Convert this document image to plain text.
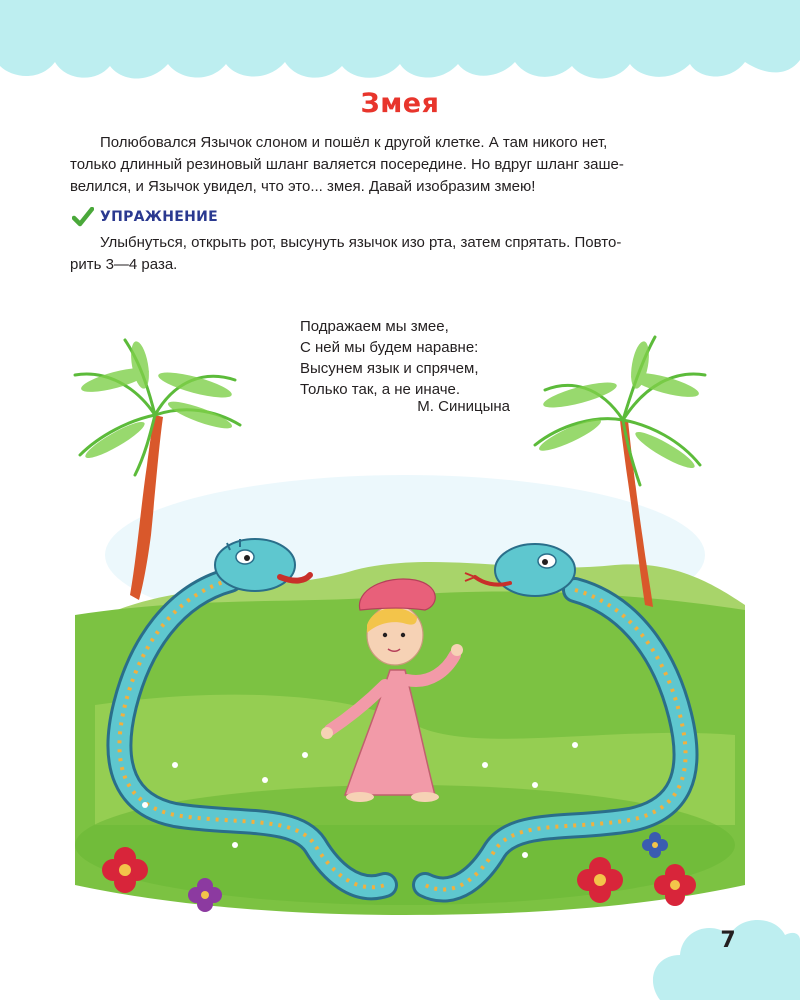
Змея
Полюбовался Язычок слоном и пошёл к другой клетке. А там никого нет,
только длинный резиновый шланг валяется посередине. Но вдруг шланг заше-
велился, и Язычок увидел, что это... змея. Давай изобразим змею!
УПРАЖНЕНИЕ
Улыбнуться, открыть рот, высунуть язычок изо рта, затем спрятать. Повто-
рить 3—4 раза.
Подражаем мы змее,
С ней мы будем наравне:
Высунем язык и спрячем,
Только так, а не иначе.
М. Синицына
7
